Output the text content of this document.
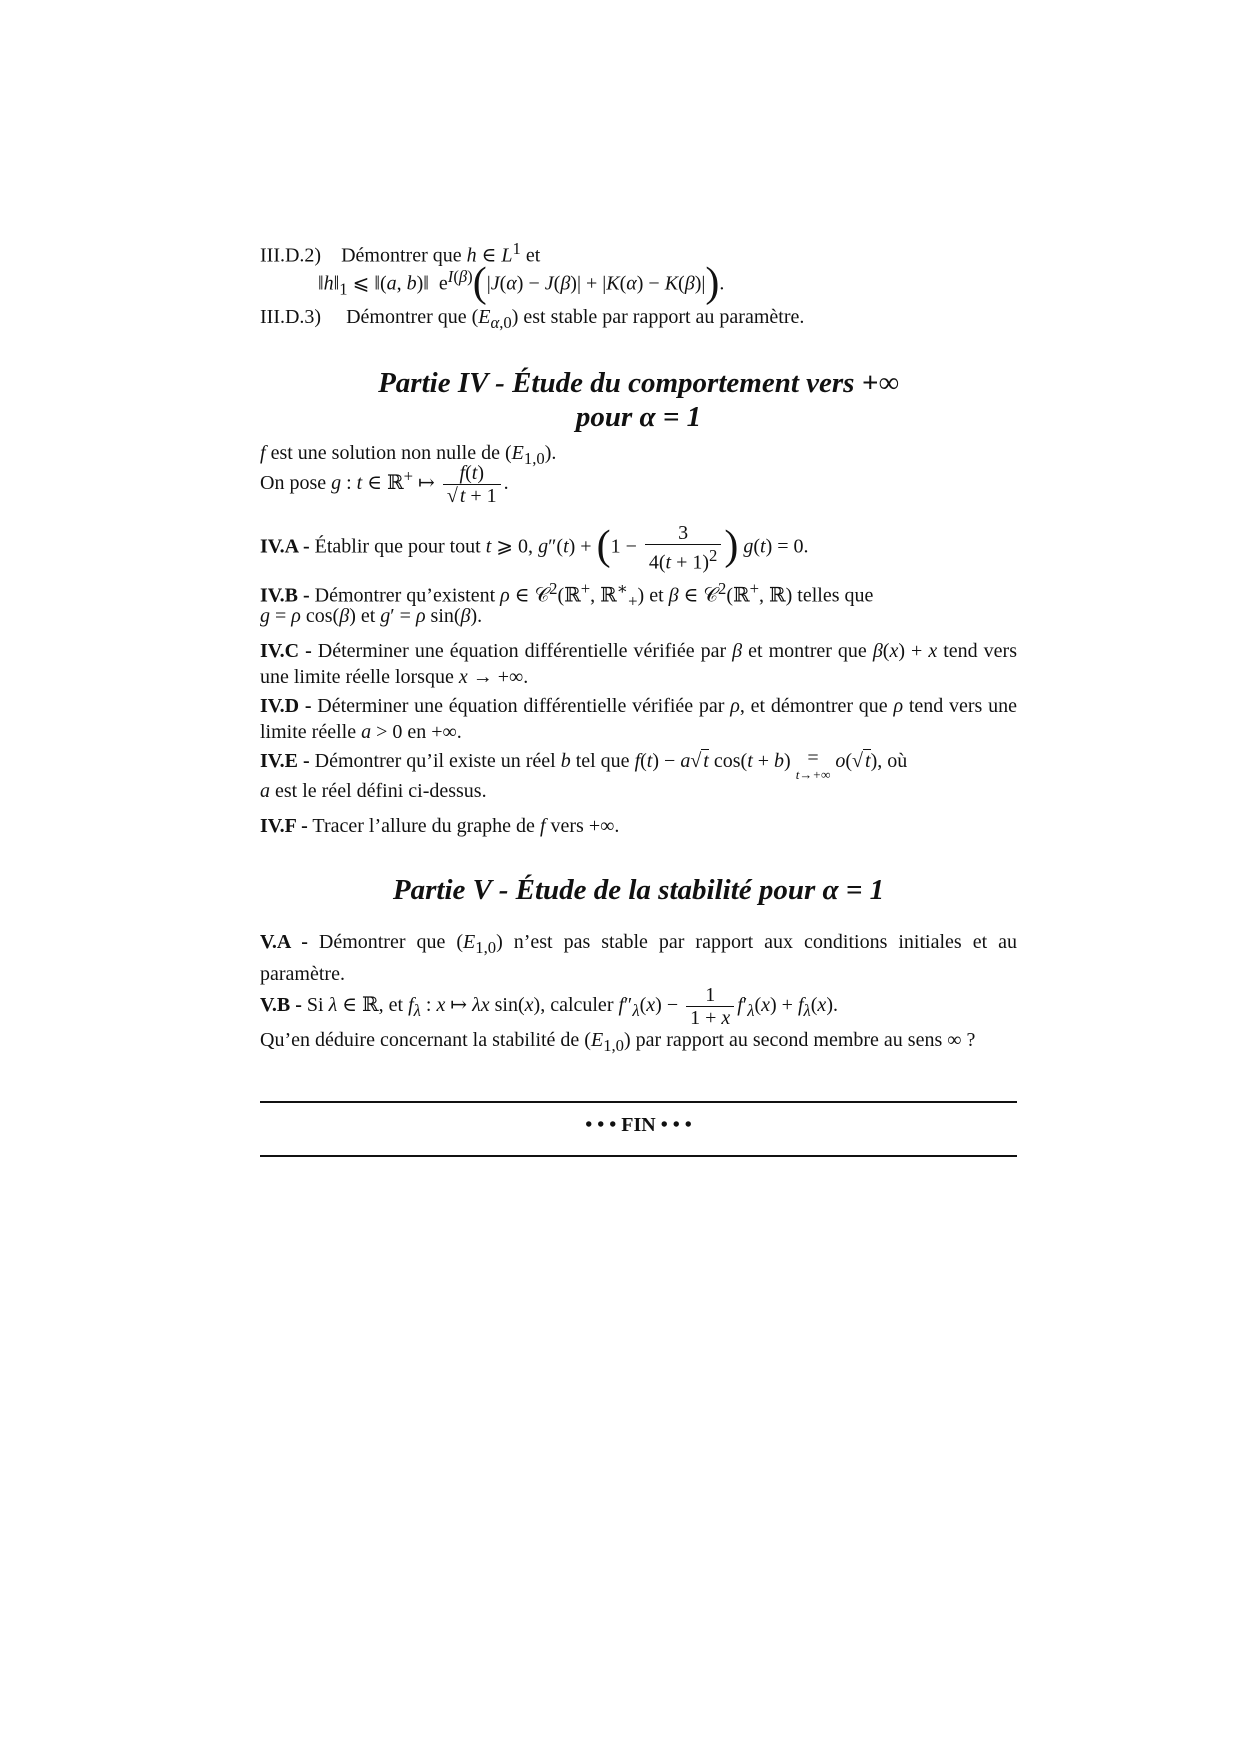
III.D.2)    Démontrer que h ∈ $L^1$ et
$‖h‖_1$ ⩽ ‖(a, b)‖  $e^{I(\beta)}(|J(\alpha) - J(\beta)| + |K(\alpha) - K(\beta)|)$.
III.D.3)     Démontrer que $(E_{\alpha,0})$ est stable par rapport au paramètre.
Partie IV - Étude du comportement vers +∞
pour α = 1
f est une solution non nulle de $(E_{1,0})$.
On pose g : t ∈ ℝ+ ↦ $\frac{f(t)}{√ t + 1}$ .
IV.A - Établir que pour tout t ⩾ 0, $g''(t) + (1 - \frac{3}{4(t + 1)^2}$ ) g(t) = 0.
IV.B - Démontrer qu’existent ρ ∈ 𝒞$^2$(ℝ+, ℝ∗$_+$) et β ∈ 𝒞$^2$(ℝ+, ℝ) telles que
g = ρ cos(β) et g′ = ρ sin(β).
IV.C - Déterminer une équation différentielle vérifiée par β et montrer que β(x) + x tend vers une limite réelle lorsque x → +∞.
IV.D - Déterminer une équation différentielle vérifiée par ρ, et démontrer que ρ tend vers une limite réelle a > 0 en +∞.
IV.E - Démontrer qu’il existe un réel b tel que f(t) − a√ t cos(t + b) =
t→+∞
o(√ t), où
a est le réel défini ci-dessus.
IV.F - Tracer l’allure du graphe de f vers +∞.
Partie V - Étude de la stabilité pour α = 1
V.A - Démontrer que $(E_{1,0})$ n’est pas stable par rapport aux conditions initiales et au paramètre.
V.B - Si λ ∈ ℝ, et $f_\lambda$ : x ↦ λx sin(x), calculer $f''_\lambda(x) - \frac{1}{1 + x} f'_\lambda(x) + f_\lambda(x)$.
Qu’en déduire concernant la stabilité de $(E_{1,0})$ par rapport au second membre au sens ∞ ?
• • • FIN • • •
